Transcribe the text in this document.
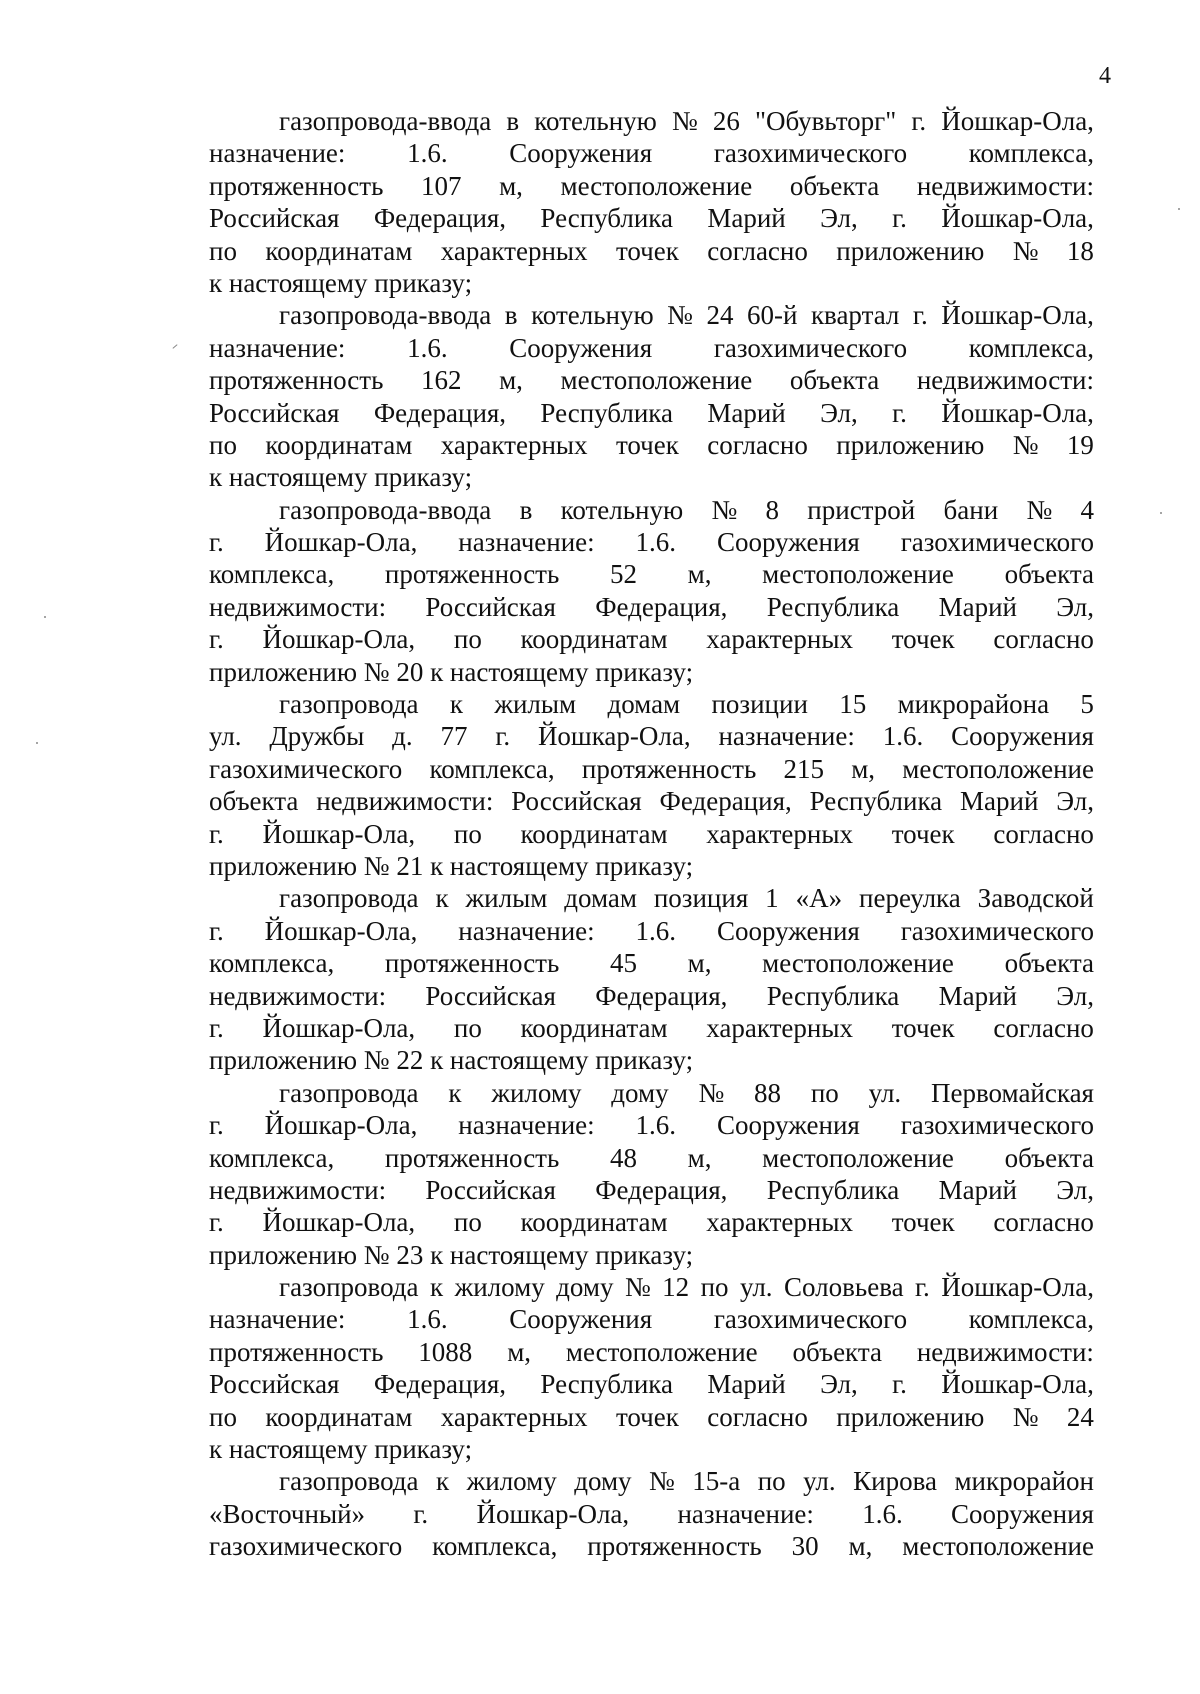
4
газопровода-ввода в котельную № 26 "Обувьторг" г. Йошкар-Ола,
назначение: 1.6. Сооружения газохимического комплекса,
протяженность 107 м, местоположение объекта недвижимости:
Российская Федерация, Республика Марий Эл, г. Йошкар-Ола,
по координатам характерных точек согласно приложению № 18
к настоящему приказу;
газопровода-ввода в котельную № 24 60-й квартал г. Йошкар-Ола,
назначение: 1.6. Сооружения газохимического комплекса,
протяженность 162 м, местоположение объекта недвижимости:
Российская Федерация, Республика Марий Эл, г. Йошкар-Ола,
по координатам характерных точек согласно приложению № 19
к настоящему приказу;
газопровода-ввода в котельную № 8 пристрой бани № 4
г. Йошкар-Ола, назначение: 1.6. Сооружения газохимического
комплекса, протяженность 52 м, местоположение объекта
недвижимости: Российская Федерация, Республика Марий Эл,
г. Йошкар-Ола, по координатам характерных точек согласно
приложению № 20 к настоящему приказу;
газопровода к жилым домам позиции 15 микрорайона 5
ул. Дружбы д. 77 г. Йошкар-Ола, назначение: 1.6. Сооружения
газохимического комплекса, протяженность 215 м, местоположение
объекта недвижимости: Российская Федерация, Республика Марий Эл,
г. Йошкар-Ола, по координатам характерных точек согласно
приложению № 21 к настоящему приказу;
газопровода к жилым домам позиция 1 «А» переулка Заводской
г. Йошкар-Ола, назначение: 1.6. Сооружения газохимического
комплекса, протяженность 45 м, местоположение объекта
недвижимости: Российская Федерация, Республика Марий Эл,
г. Йошкар-Ола, по координатам характерных точек согласно
приложению № 22 к настоящему приказу;
газопровода к жилому дому № 88 по ул. Первомайская
г. Йошкар-Ола, назначение: 1.6. Сооружения газохимического
комплекса, протяженность 48 м, местоположение объекта
недвижимости: Российская Федерация, Республика Марий Эл,
г. Йошкар-Ола, по координатам характерных точек согласно
приложению № 23 к настоящему приказу;
газопровода к жилому дому № 12 по ул. Соловьева г. Йошкар-Ола,
назначение: 1.6. Сооружения газохимического комплекса,
протяженность 1088 м, местоположение объекта недвижимости:
Российская Федерация, Республика Марий Эл, г. Йошкар-Ола,
по координатам характерных точек согласно приложению № 24
к настоящему приказу;
газопровода к жилому дому № 15-а по ул. Кирова микрорайон
«Восточный» г. Йошкар-Ола, назначение: 1.6. Сооружения
газохимического комплекса, протяженность 30 м, местоположение
